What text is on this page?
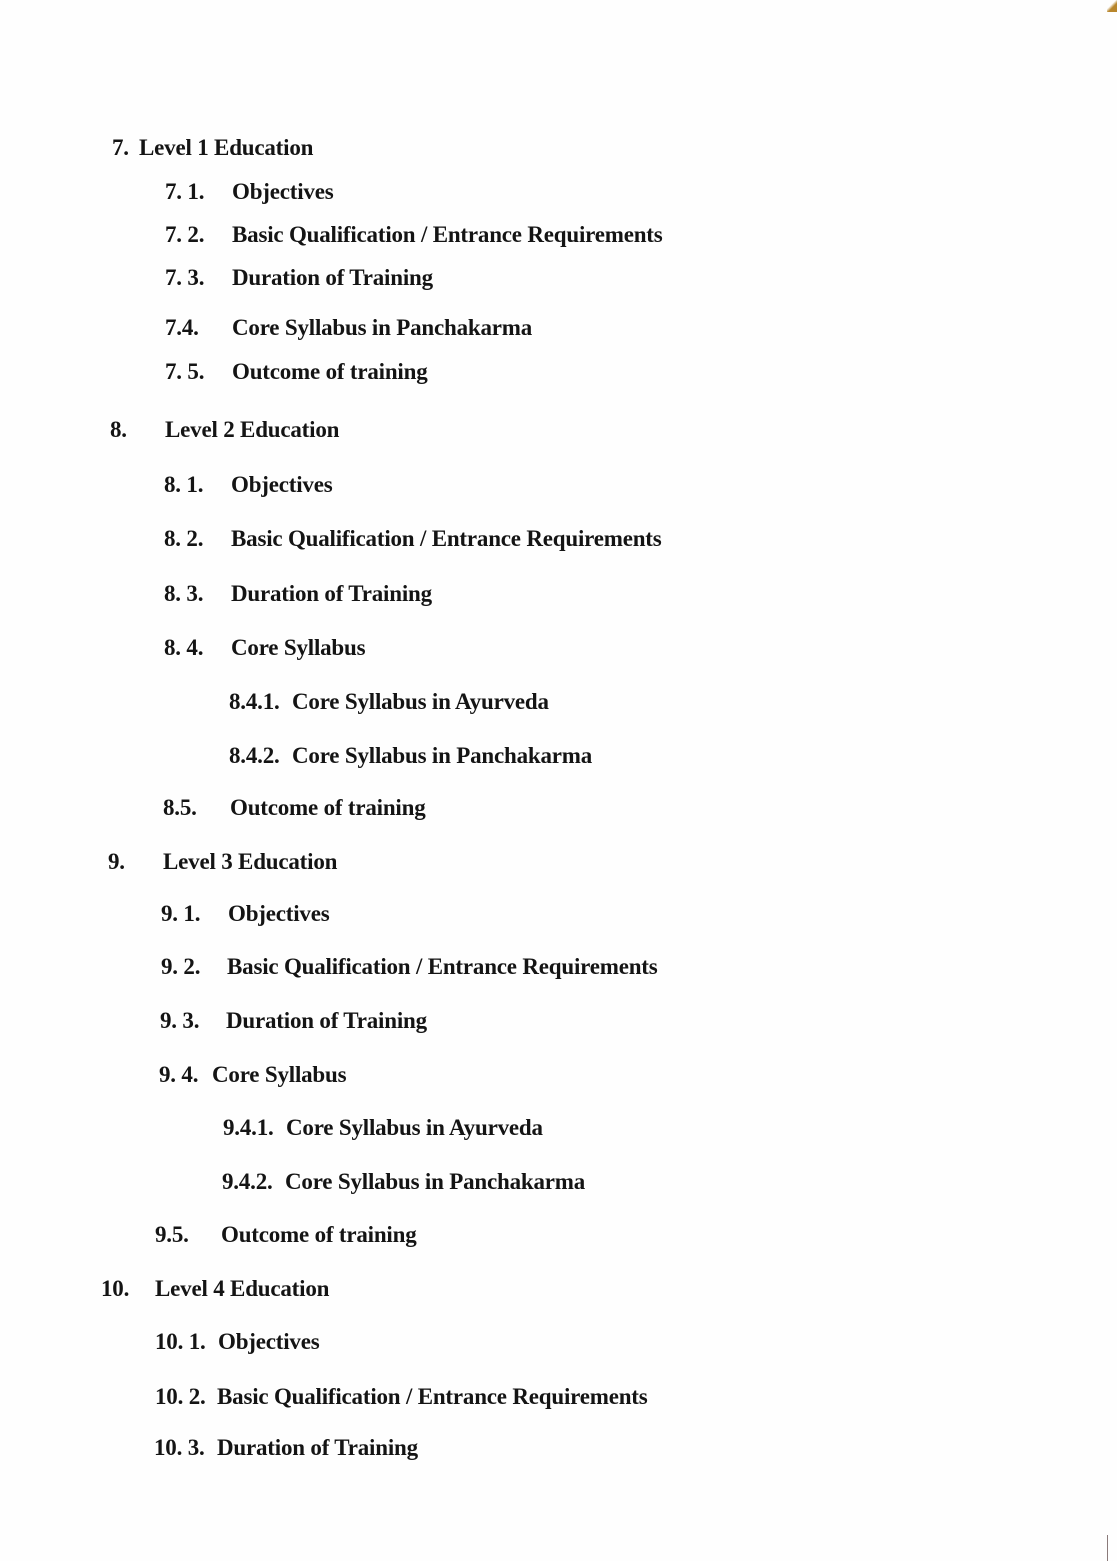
7. Level 1 Education
7. 1. Objectives
7. 2. Basic Qualification / Entrance Requirements
7. 3. Duration of Training
7.4. Core Syllabus in Panchakarma
7. 5. Outcome of training
8. Level 2 Education
8. 1. Objectives
8. 2. Basic Qualification / Entrance Requirements
8. 3. Duration of Training
8. 4. Core Syllabus
8.4.1. Core Syllabus in Ayurveda
8.4.2. Core Syllabus in Panchakarma
8.5. Outcome of training
9. Level 3 Education
9. 1. Objectives
9. 2. Basic Qualification / Entrance Requirements
9. 3. Duration of Training
9. 4. Core Syllabus
9.4.1. Core Syllabus in Ayurveda
9.4.2. Core Syllabus in Panchakarma
9.5. Outcome of training
10. Level 4 Education
10. 1. Objectives
10. 2. Basic Qualification / Entrance Requirements
10. 3. Duration of Training
